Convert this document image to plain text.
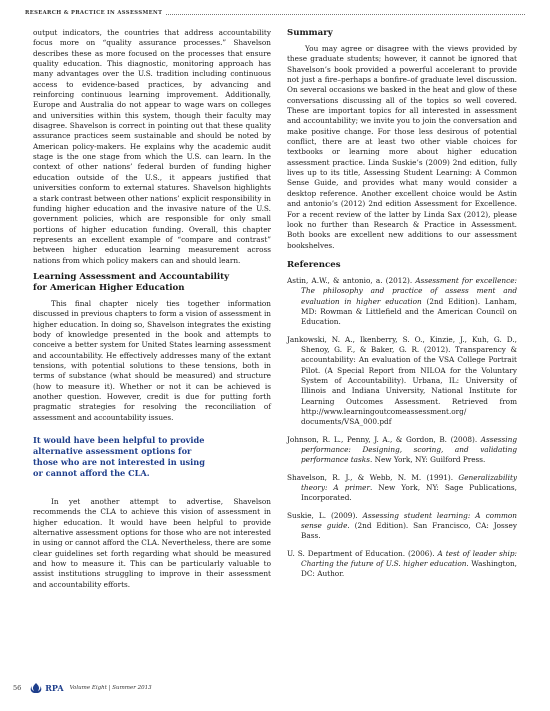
RESEARCH & PRACTICE IN ASSESSMENT

output indicators, the countries that address accountability focus more on “quality assurance processes.” Shavelson describes these as more focused on the processes that ensure quality education. This diagnostic, monitoring approach has many advantages over the U.S. tradition including continuous access to evidence-based practices, by advancing and reinforcing continuous learning improvement. Additionally, Europe and Australia do not appear to wage wars on colleges and universities within this system, though their faculty may disagree. Shavelson is correct in pointing out that these quality assurance practices seem sustainable and should be noted by American policy-makers. He explains why the academic audit stage is the one stage from which the U.S. can learn. In the context of other nations’ federal burden of funding higher education outside of the U.S., it appears justified that universities conform to external statures. Shavelson highlights a stark contrast between other nations’ explicit responsibility in funding higher education and the invasive nature of the U.S. government policies, which are responsible for only small portions of higher education funding. Overall, this chapter represents an excellent example of “compare and contrast” between higher education learning measurement across nations from which policy makers can and should learn.

Learning Assessment and Accountability
for American Higher Education

This final chapter nicely ties together information discussed in previous chapters to form a vision of assessment in higher education. In doing so, Shavelson integrates the existing body of knowledge presented in the book and attempts to conceive a better system for United States learning assessment and accountability. He effectively addresses many of the extant tensions, with potential solutions to these tensions, both in terms of substance (what should be measured) and structure (how to measure it). Whether or not it can be achieved is another question. However, credit is due for putting forth pragmatic strategies for resolving the reconciliation of assessment and accountability issues.

It would have been helpful to provide
alternative assessment options for
those who are not interested in using
or cannot afford the CLA.

In yet another attempt to advertise, Shavelson recommends the CLA to achieve this vision of assessment in higher education. It would have been helpful to provide alternative assessment options for those who are not interested in using or cannot afford the CLA. Nevertheless, there are some clear guidelines set forth regarding what should be measured and how to measure it. This can be particularly valuable to assist institutions struggling to improve in their assessment and accountability efforts.

Summary

You may agree or disagree with the views provided by these graduate students; however, it cannot be ignored that Shavelson’s book provided a powerful accelerant to provide not just a fire–perhaps a bonfire–of graduate level discussion. On several occasions we basked in the heat and glow of these conversations discussing all of the topics so well covered. These are important topics for all interested in assessment and accountability; we invite you to join the conversation and make positive change. For those less desirous of potential conflict, there are at least two other viable choices for textbooks or learning more about higher education assessment practice. Linda Suskie’s (2009) 2nd edition, fully lives up to its title, Assessing Student Learning: A Common Sense Guide, and provides what many would consider a desktop reference. Another excellent choice would be Astin and antonio’s (2012) 2nd edition Assessment for Excellence. For a recent review of the latter by Linda Sax (2012), please look no further than Research & Practice in Assessment. Both books are excellent new additions to our assessment bookshelves.

References

Astin, A.W., & antonio, a. (2012). Assessment for excellence: The philosophy and practice of assess ment and evaluation in higher education (2nd Edition). Lanham, MD: Rowman & Littlefield and the American Council on Education.

Jankowski, N. A., Ikenberry, S. O., Kinzie, J., Kuh, G. D., Shenoy, G. F., & Baker, G. R. (2012). Transparency & accountability: An evaluation of the VSA College Portrait Pilot. (A Special Report from NILOA for the Voluntary System of Accountability). Urbana, IL: University of Illinois and Indiana University, National Institute for Learning Outcomes Assessment. Retrieved from http://www.learningoutcomeassessment.org/ documents/VSA_000.pdf

Johnson, R. L., Penny, J. A., & Gordon, B. (2008). Assessing performance: Designing, scoring, and validating performance tasks. New York, NY: Guilford Press.

Shavelson, R. J., & Webb, N. M. (1991). Generalizability theory: A primer. New York, NY: Sage Publications, Incorporated.

Suskie, L. (2009). Assessing student learning: A common sense guide. (2nd Edition). San Francisco, CA: Jossey Bass.

U. S. Department of Education. (2006). A test of leader ship: Charting the future of U.S. higher education. Washington, DC: Author.

56	RPA Volume Eight | Summer 2013
